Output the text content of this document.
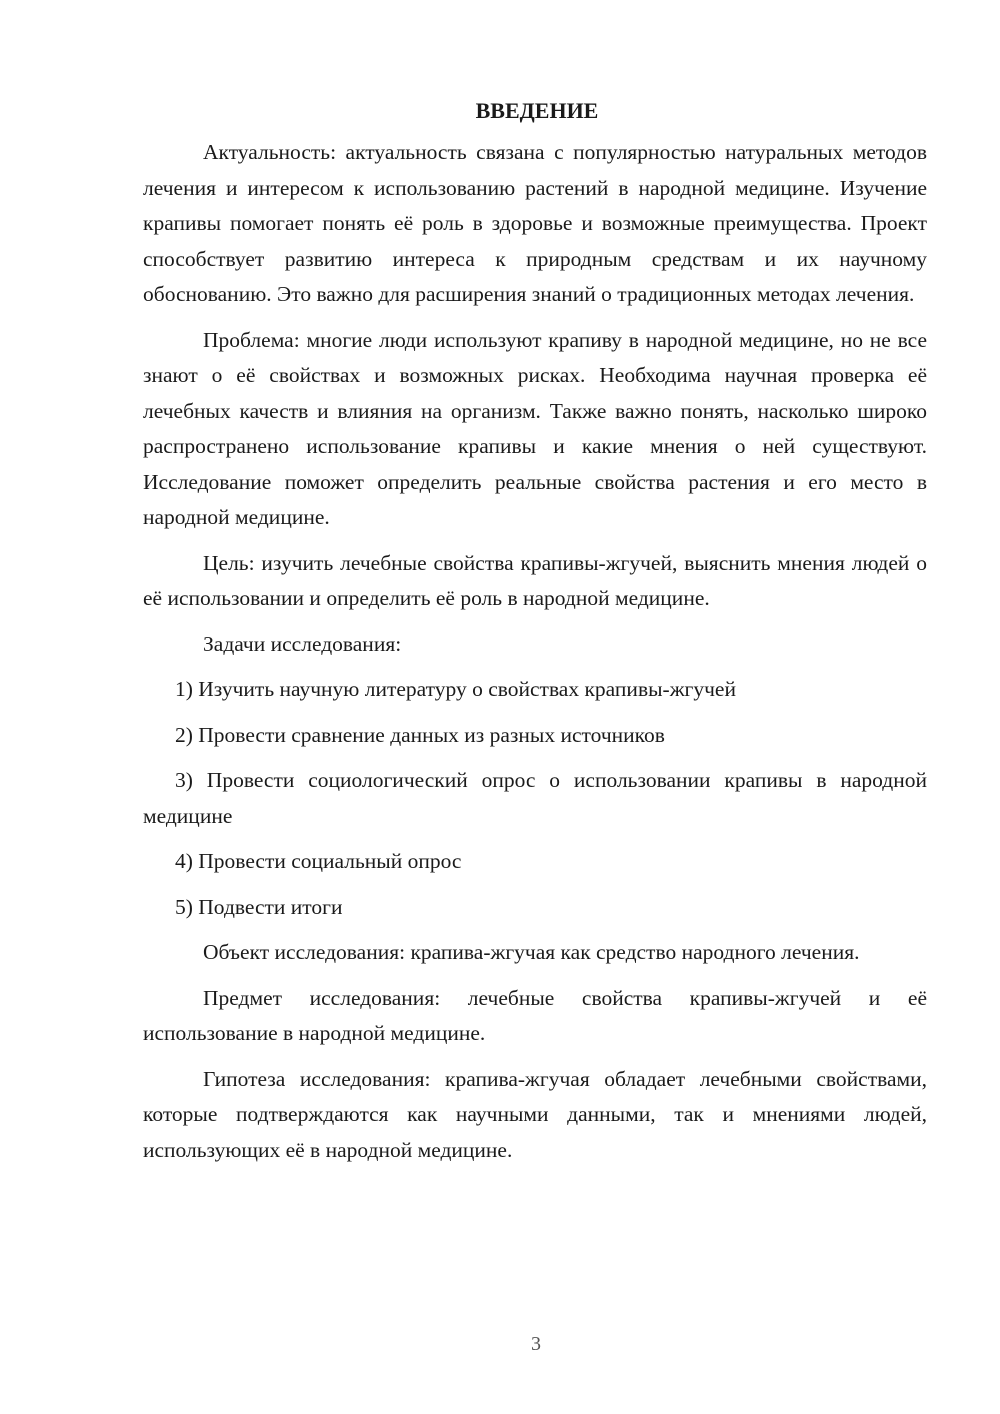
ВВЕДЕНИЕ

Актуальность: актуальность связана с популярностью натуральных методов лечения и интересом к использованию растений в народной медицине. Изучение крапивы помогает понять её роль в здоровье и возможные преимущества. Проект способствует развитию интереса к природным средствам и их научному обоснованию. Это важно для расширения знаний о традиционных методах лечения.

Проблема: многие люди используют крапиву в народной медицине, но не все знают о её свойствах и возможных рисках. Необходима научная проверка её лечебных качеств и влияния на организм. Также важно понять, насколько широко распространено использование крапивы и какие мнения о ней существуют. Исследование поможет определить реальные свойства растения и его место в народной медицине.

Цель: изучить лечебные свойства крапивы-жгучей, выяснить мнения людей о её использовании и определить её роль в народной медицине.

Задачи исследования:

1) Изучить научную литературу о свойствах крапивы-жгучей

2) Провести сравнение данных из разных источников

3) Провести социологический опрос о использовании крапивы в народной медицине

4) Провести социальный опрос

5) Подвести итоги

Объект исследования: крапива-жгучая как средство народного лечения.

Предмет исследования: лечебные свойства крапивы-жгучей и её использование в народной медицине.

Гипотеза исследования: крапива-жгучая обладает лечебными свойствами, которые подтверждаются как научными данными, так и мнениями людей, использующих её в народной медицине.

3
